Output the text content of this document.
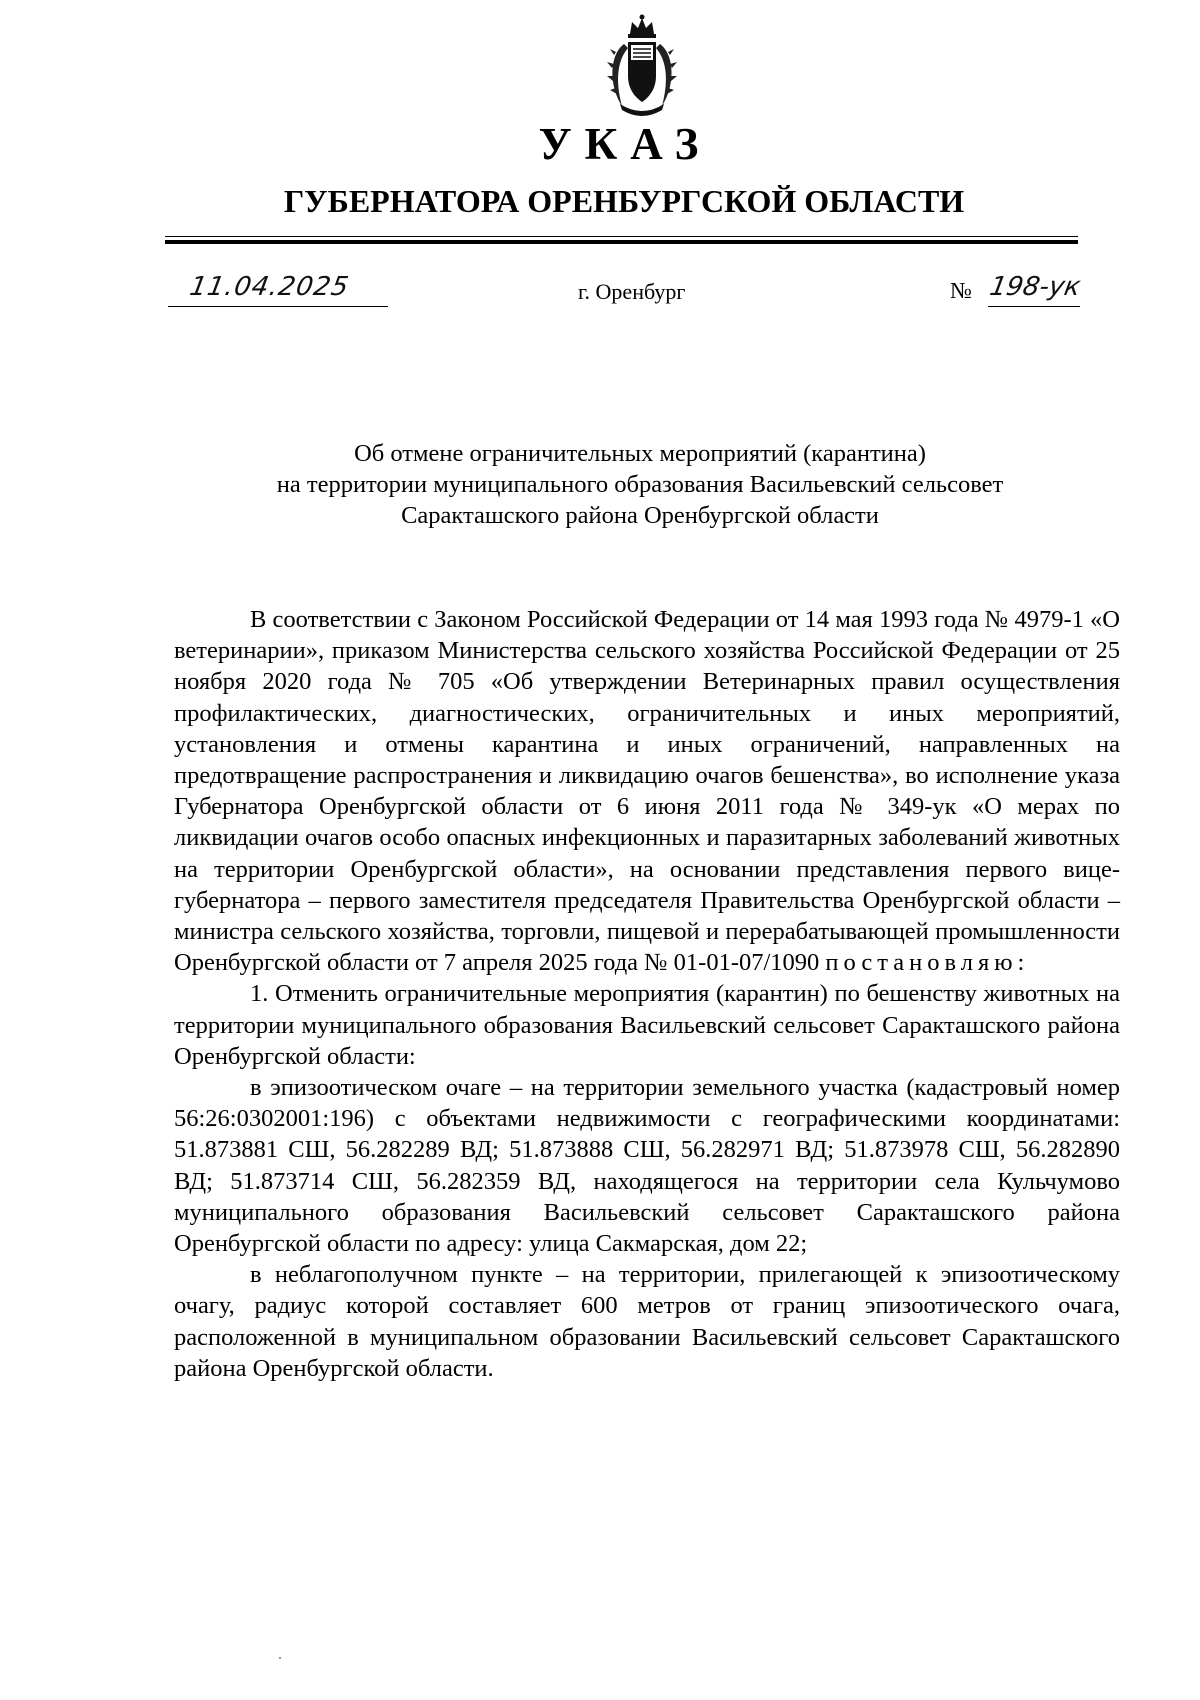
УКАЗ
ГУБЕРНАТОРА ОРЕНБУРГСКОЙ ОБЛАСТИ
11.04.2025	г. Оренбург	№ 198-ук
Об отмене ограничительных мероприятий (карантина)
на территории муниципального образования Васильевский сельсовет
Саракташского района Оренбургской области

В соответствии с Законом Российской Федерации от 14 мая 1993 года № 4979-1 «О ветеринарии», приказом Министерства сельского хозяйства Российской Федерации от 25 ноября 2020 года № 705 «Об утверждении Ветеринарных правил осуществления профилактических, диагностических, ограничительных и иных мероприятий, установления и отмены карантина и иных ограничений, направленных на предотвращение распространения и ликвидацию очагов бешенства», во исполнение указа Губернатора Оренбургской области от 6 июня 2011 года № 349-ук «О мерах по ликвидации очагов особо опасных инфекционных и паразитарных заболеваний животных на территории Оренбургской области», на основании представления первого вице-губернатора – первого заместителя председателя Правительства Оренбургской области – министра сельского хозяйства, торговли, пищевой и перерабатывающей промышленности Оренбургской области от 7 апреля 2025 года № 01-01-07/1090 постановляю:

1. Отменить ограничительные мероприятия (карантин) по бешенству животных на территории муниципального образования Васильевский сельсовет Саракташского района Оренбургской области:

в эпизоотическом очаге – на территории земельного участка (кадастровый номер 56:26:0302001:196) с объектами недвижимости с географическими координатами: 51.873881 СШ, 56.282289 ВД; 51.873888 СШ, 56.282971 ВД; 51.873978 СШ, 56.282890 ВД; 51.873714 СШ, 56.282359 ВД, находящегося на территории села Кульчумово муниципального образования Васильевский сельсовет Саракташского района Оренбургской области по адресу: улица Сакмарская, дом 22;

в неблагополучном пункте – на территории, прилегающей к эпизоотическому очагу, радиус которой составляет 600 метров от границ эпизоотического очага, расположенной в муниципальном образовании Васильевский сельсовет Саракташского района Оренбургской области.
